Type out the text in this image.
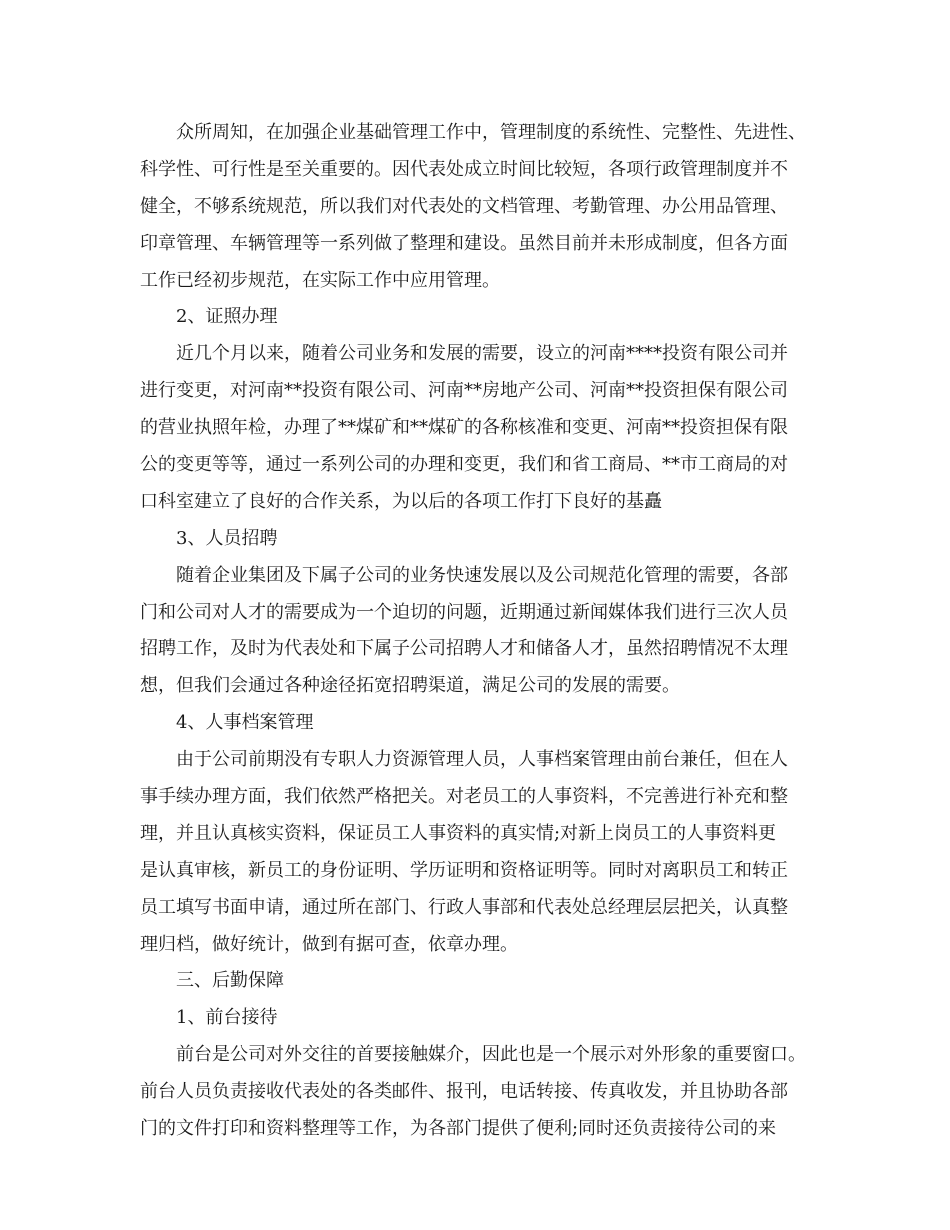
众所周知，在加强企业基础管理工作中，管理制度的系统性、完整性、先进性、
科学性、可行性是至关重要的。因代表处成立时间比较短，各项行政管理制度并不
健全，不够系统规范，所以我们对代表处的文档管理、考勤管理、办公用品管理、
印章管理、车辆管理等一系列做了整理和建设。虽然目前并未形成制度，但各方面
工作已经初步规范，在实际工作中应用管理。
2、证照办理
近几个月以来，随着公司业务和发展的需要，设立的河南****投资有限公司并
进行变更，对河南**投资有限公司、河南**房地产公司、河南**投资担保有限公司
的营业执照年检，办理了**煤矿和**煤矿的各称核准和变更、河南**投资担保有限
公的变更等等，通过一系列公司的办理和变更，我们和省工商局、**市工商局的对
口科室建立了良好的合作关系，为以后的各项工作打下良好的基矗
3、人员招聘
随着企业集团及下属子公司的业务快速发展以及公司规范化管理的需要，各部
门和公司对人才的需要成为一个迫切的问题，近期通过新闻媒体我们进行三次人员
招聘工作，及时为代表处和下属子公司招聘人才和储备人才，虽然招聘情况不太理
想，但我们会通过各种途径拓宽招聘渠道，满足公司的发展的需要。
4、人事档案管理
由于公司前期没有专职人力资源管理人员，人事档案管理由前台兼任，但在人
事手续办理方面，我们依然严格把关。对老员工的人事资料，不完善进行补充和整
理，并且认真核实资料，保证员工人事资料的真实情;对新上岗员工的人事资料更
是认真审核，新员工的身份证明、学历证明和资格证明等。同时对离职员工和转正
员工填写书面申请，通过所在部门、行政人事部和代表处总经理层层把关，认真整
理归档，做好统计，做到有据可查，依章办理。
三、后勤保障
1、前台接待
前台是公司对外交往的首要接触媒介，因此也是一个展示对外形象的重要窗口。
前台人员负责接收代表处的各类邮件、报刊，电话转接、传真收发，并且协助各部
门的文件打印和资料整理等工作，为各部门提供了便利;同时还负责接待公司的来
